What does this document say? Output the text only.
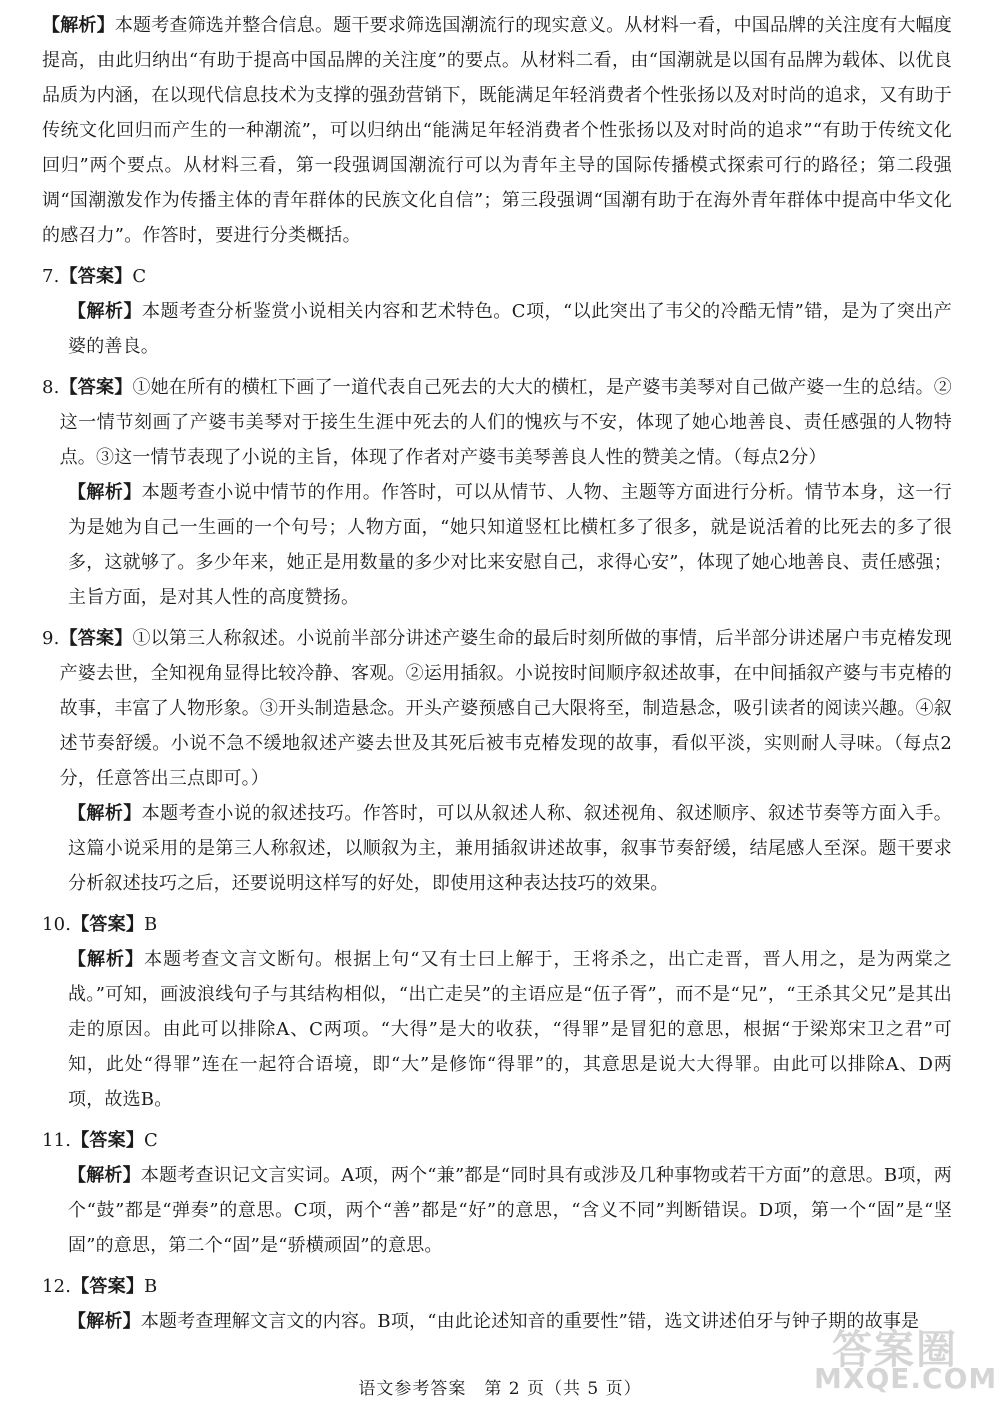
【解析】本题考查筛选并整合信息。题干要求筛选国潮流行的现实意义。从材料一看，中国品牌的关注度有大幅度提高，由此归纳出“有助于提高中国品牌的关注度”的要点。从材料二看，由“国潮就是以国有品牌为载体、以优良品质为内涵，在以现代信息技术为支撑的强劲营销下，既能满足年轻消费者个性张扬以及对时尚的追求，又有助于传统文化回归而产生的一种潮流”，可以归纳出“能满足年轻消费者个性张扬以及对时尚的追求”“有助于传统文化回归”两个要点。从材料三看，第一段强调国潮流行可以为青年主导的国际传播模式探索可行的路径；第二段强调“国潮激发作为传播主体的青年群体的民族文化自信”；第三段强调“国潮有助于在海外青年群体中提高中华文化的感召力”。作答时，要进行分类概括。
7. 【答案】C
【解析】本题考查分析鉴赏小说相关内容和艺术特色。C项，“以此突出了韦父的冷酷无情”错，是为了突出产婆的善良。
8. 【答案】①她在所有的横杠下画了一道代表自己死去的大大的横杠，是产婆韦美琴对自己做产婆一生的总结。②这一情节刻画了产婆韦美琴对于接生生涯中死去的人们的愧疚与不安，体现了她心地善良、责任感强的人物特点。③这一情节表现了小说的主旨，体现了作者对产婆韦美琴善良人性的赞美之情。（每点2分）
【解析】本题考查小说中情节的作用。作答时，可以从情节、人物、主题等方面进行分析。情节本身，这一行为是她为自己一生画的一个句号；人物方面，“她只知道竖杠比横杠多了很多，就是说活着的比死去的多了很多，这就够了。多少年来，她正是用数量的多少对比来安慰自己，求得心安”，体现了她心地善良、责任感强；主旨方面，是对其人性的高度赞扬。
9. 【答案】①以第三人称叙述。小说前半部分讲述产婆生命的最后时刻所做的事情，后半部分讲述屠户韦克椿发现产婆去世，全知视角显得比较冷静、客观。②运用插叙。小说按时间顺序叙述故事，在中间插叙产婆与韦克椿的故事，丰富了人物形象。③开头制造悬念。开头产婆预感自己大限将至，制造悬念，吸引读者的阅读兴趣。④叙述节奏舒缓。小说不急不缓地叙述产婆去世及其死后被韦克椿发现的故事，看似平淡，实则耐人寻味。（每点2分，任意答出三点即可。）
【解析】本题考查小说的叙述技巧。作答时，可以从叙述人称、叙述视角、叙述顺序、叙述节奏等方面入手。这篇小说采用的是第三人称叙述，以顺叙为主，兼用插叙讲述故事，叙事节奏舒缓，结尾感人至深。题干要求分析叙述技巧之后，还要说明这样写的好处，即使用这种表达技巧的效果。
10. 【答案】B
【解析】本题考查文言文断句。根据上句“又有士曰上解于，王将杀之，出亡走晋，晋人用之，是为两棠之战。”可知，画波浪线句子与其结构相似，“出亡走吴”的主语应是“伍子胥”，而不是“兄”，“王杀其父兄”是其出走的原因。由此可以排除A、C两项。“大得”是大的收获，“得罪”是冒犯的意思，根据“于梁郑宋卫之君”可知，此处“得罪”连在一起符合语境，即“大”是修饰“得罪”的，其意思是说大大得罪。由此可以排除A、D两项，故选B。
11. 【答案】C
【解析】本题考查识记文言实词。A项，两个“兼”都是“同时具有或涉及几种事物或若干方面”的意思。B项，两个“鼓”都是“弹奏”的意思。C项，两个“善”都是“好”的意思，“含义不同”判断错误。D项，第一个“固”是“坚固”的意思，第二个“固”是“骄横顽固”的意思。
12. 【答案】B
【解析】本题考查理解文言文的内容。B项，“由此论述知音的重要性”错，选文讲述伯牙与钟子期的故事是
语文参考答案　第 2 页（共 5 页）
答案圈
MXQE.COM
